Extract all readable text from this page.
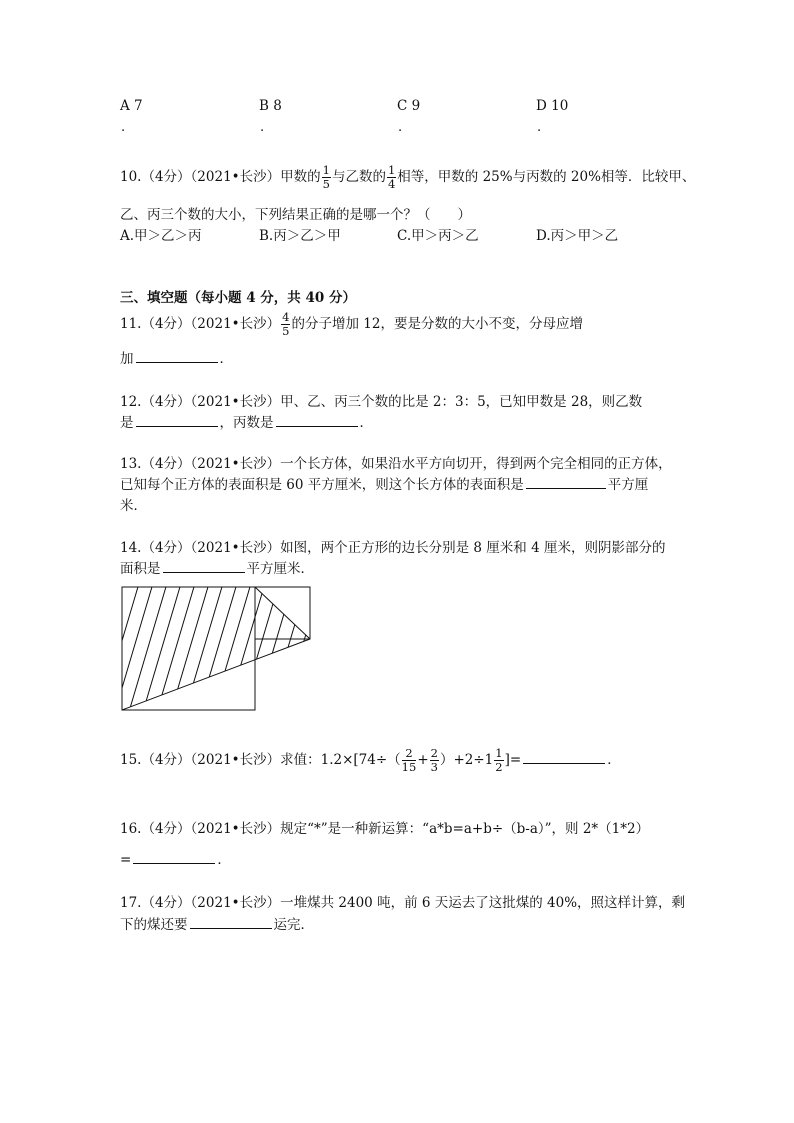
A 7
.
B 8
.
C 9
.
D 10
.
10.（4分）（2021•长沙）甲数的 $\frac{1}{5}$ 与乙数的 $\frac{1}{4}$ 相等，甲数的 25%与丙数的 20%相等．比较甲、
乙、丙三个数的大小，下列结果正确的是哪一个？（　　）
A.甲＞乙＞丙	B.丙＞乙＞甲	C.甲＞丙＞乙	D.丙＞甲＞乙
三、填空题（每小题 4 分，共 40 分）
11.（4分）（2021•长沙） $\frac{4}{5}$ 的分子增加 12，要是分数的大小不变，分母应增
加	．
12.（4分）（2021•长沙）甲、乙、丙三个数的比是 2：3：5，已知甲数是 28，则乙数
是	，丙数是	．
13.（4分）（2021•长沙）一个长方体，如果沿水平方向切开，得到两个完全相同的正方体，
已知每个正方体的表面积是 60 平方厘米，则这个长方体的表面积是	平方厘
米．
14.（4分）（2021•长沙）如图，两个正方形的边长分别是 8 厘米和 4 厘米，则阴影部分的
面积是	平方厘米．
15.（4分）（2021•长沙）求值：$1.2\times[74\div( \frac{2}{15} + \frac{2}{3} )+2\div 1 \frac{1}{2}$ ]=	．
16.（4分）（2021•长沙）规定“*”是一种新运算：“a*b=a+b÷（b-a）”，则 2*（1*2）
=	．
17.（4分）（2021•长沙）一堆煤共 2400 吨，前 6 天运去了这批煤的 40%，照这样计算，剩
下的煤还要	运完．
